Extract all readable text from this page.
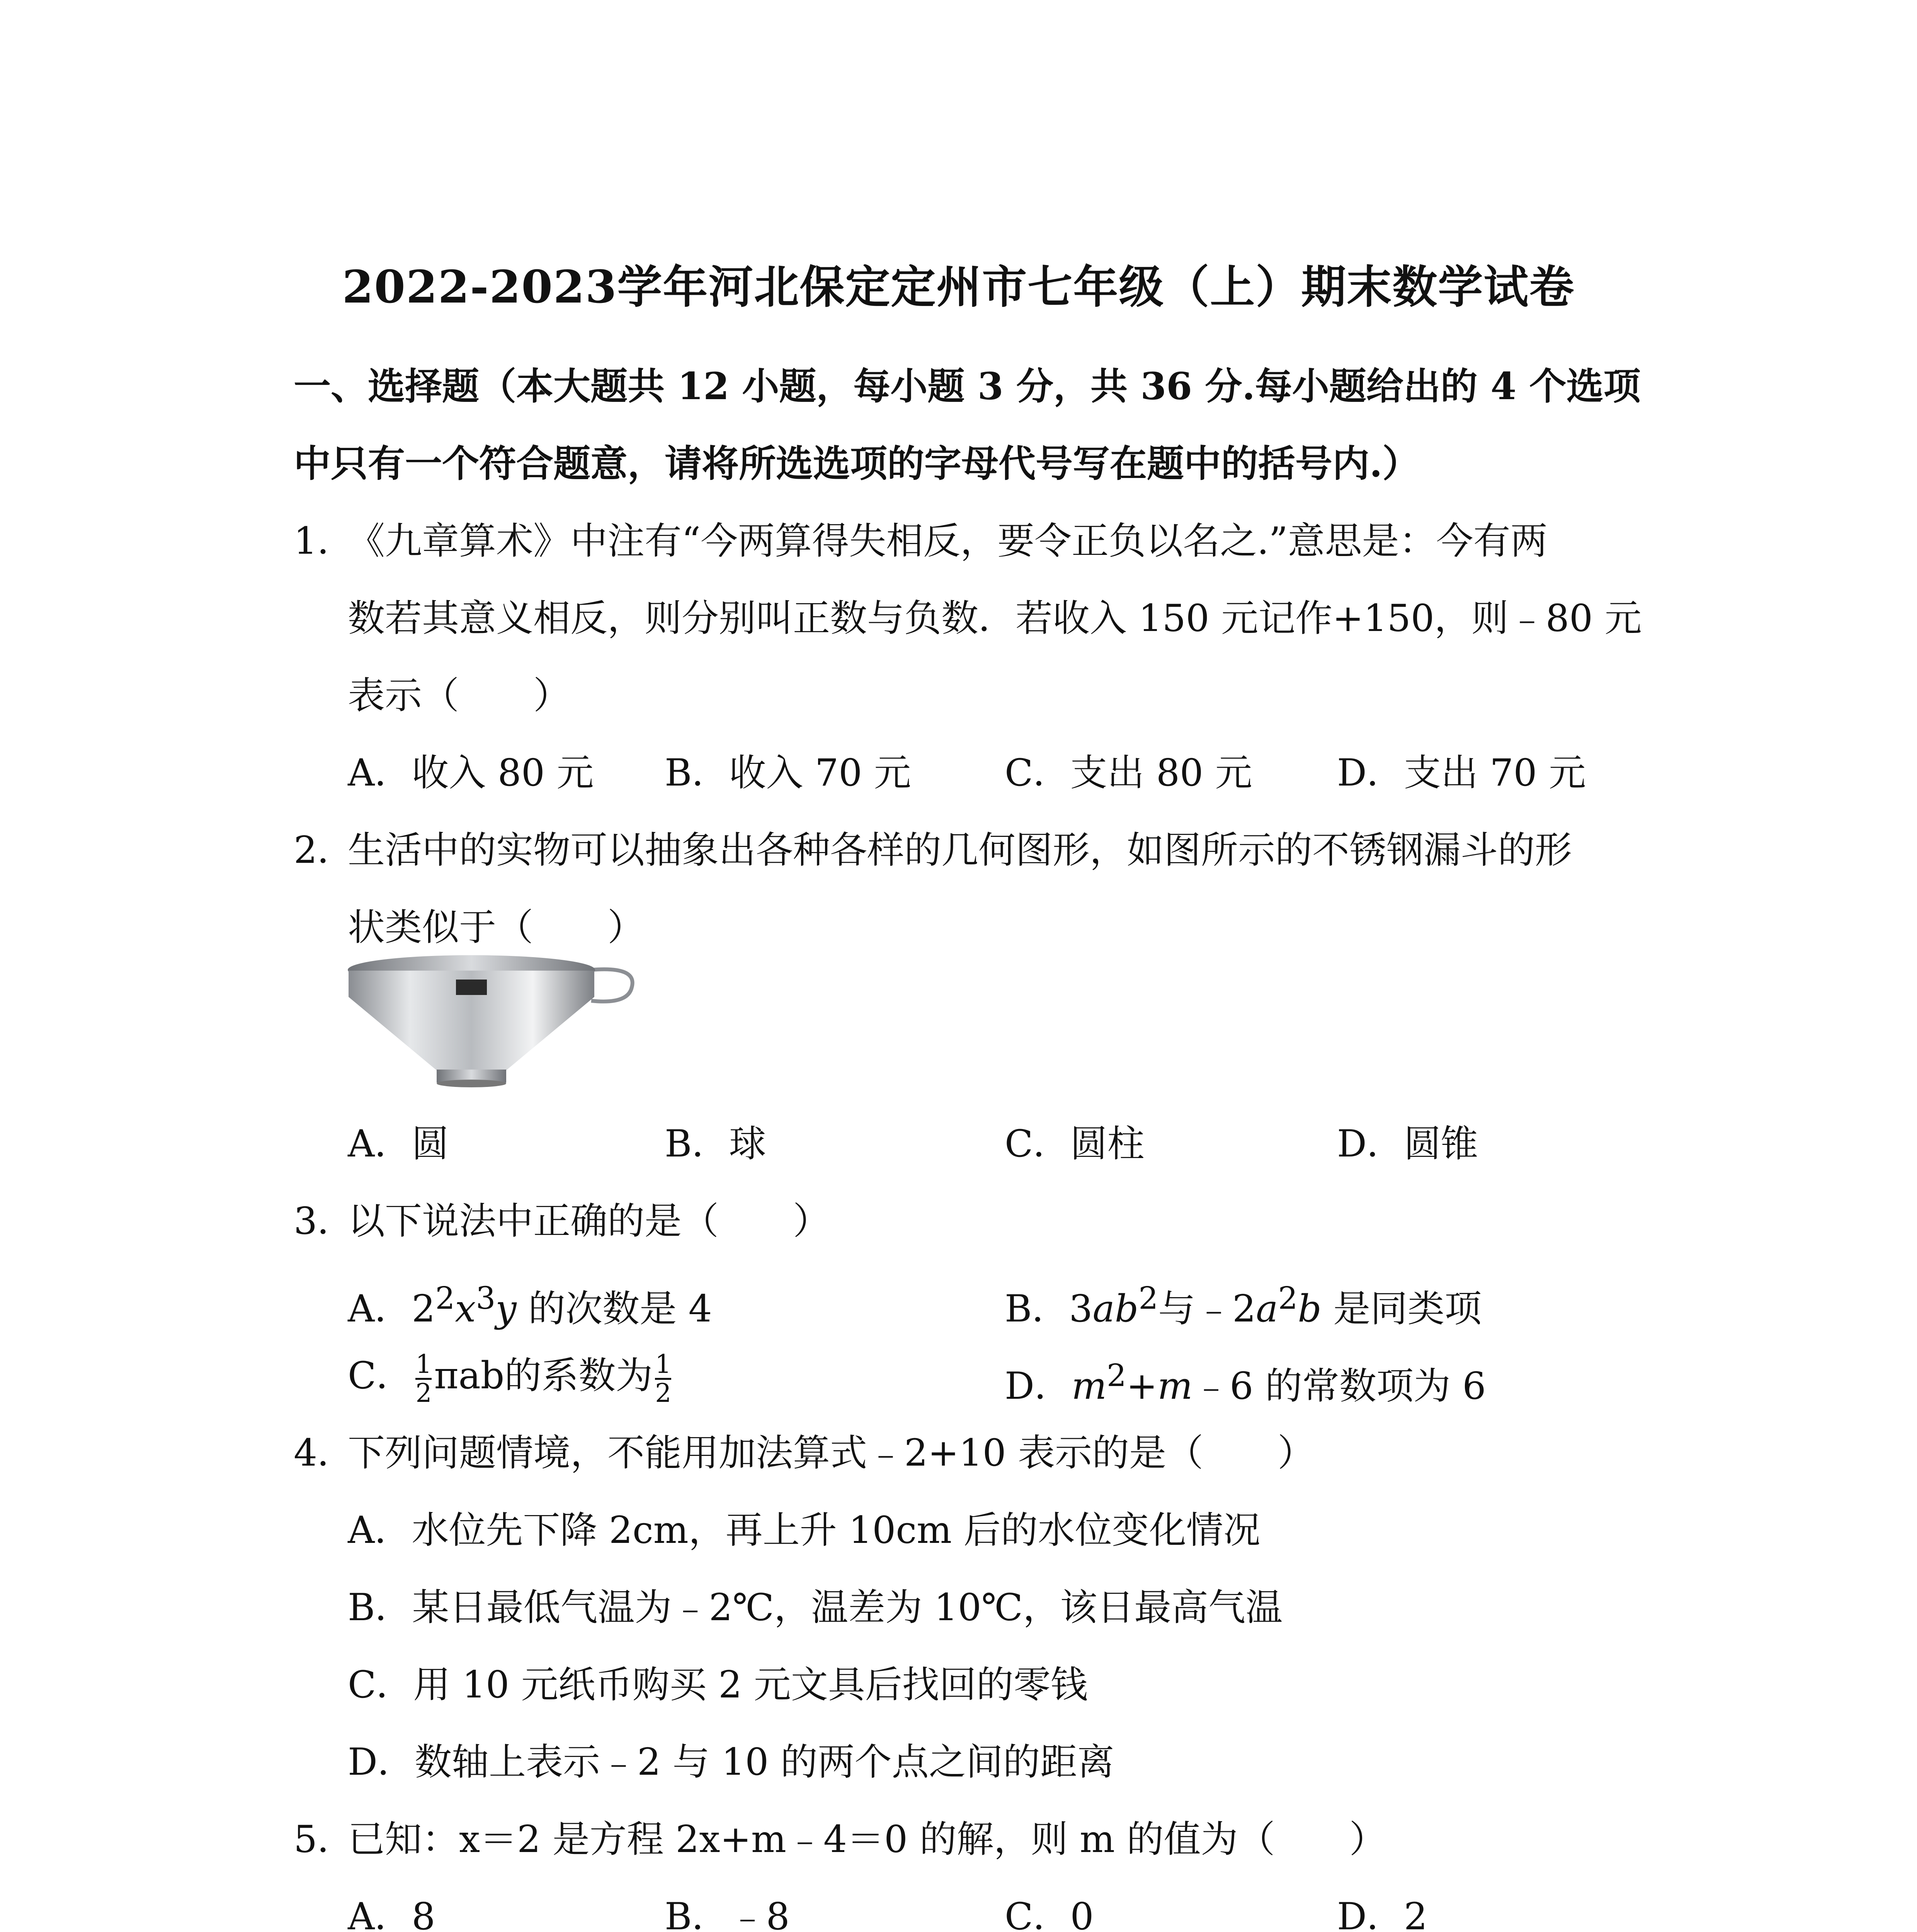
2022-2023学年河北保定定州市七年级（上）期末数学试卷
一、选择题（本大题共 12 小题，每小题 3 分，共 36 分.每小题给出的 4 个选项
中只有一个符合题意，请将所选选项的字母代号写在题中的括号内.）
1．
《九章算术》中注有“今两算得失相反，要令正负以名之.”意思是：今有两
数若其意义相反，则分别叫正数与负数．若收入 150 元记作+150，则﹣80 元
表示（　　）
A．收入 80 元 B．收入 70 元	C．支出 80 元 D．支出 70 元
2．
生活中的实物可以抽象出各种各样的几何图形，如图所示的不锈钢漏斗的形
状类似于（　　）
A．圆	B．球	C．圆柱	D．圆锥
3．
以下说法中正确的是（　　）
A．$2^2x^3y$ 的次数是 4	B．$3ab^2$与$﹣2a^2b$ 是同类项
C． $\frac{1}{2}$ πab的系数为 $\frac{1}{2}$	D．$m^2+m﹣6$ 的常数项为 6
4．
下列问题情境，不能用加法算式﹣2+10 表示的是（　　）
A．水位先下降 2cm，再上升 10cm 后的水位变化情况
B．某日最低气温为﹣2℃，温差为 10℃，该日最高气温
C．用 10 元纸币购买 2 元文具后找回的零钱
D．数轴上表示﹣2 与 10 的两个点之间的距离
5．
已知：x＝2 是方程 2x+m﹣4＝0 的解，则 m 的值为（　　）
A．8	B．﹣8	C．0	D．2
